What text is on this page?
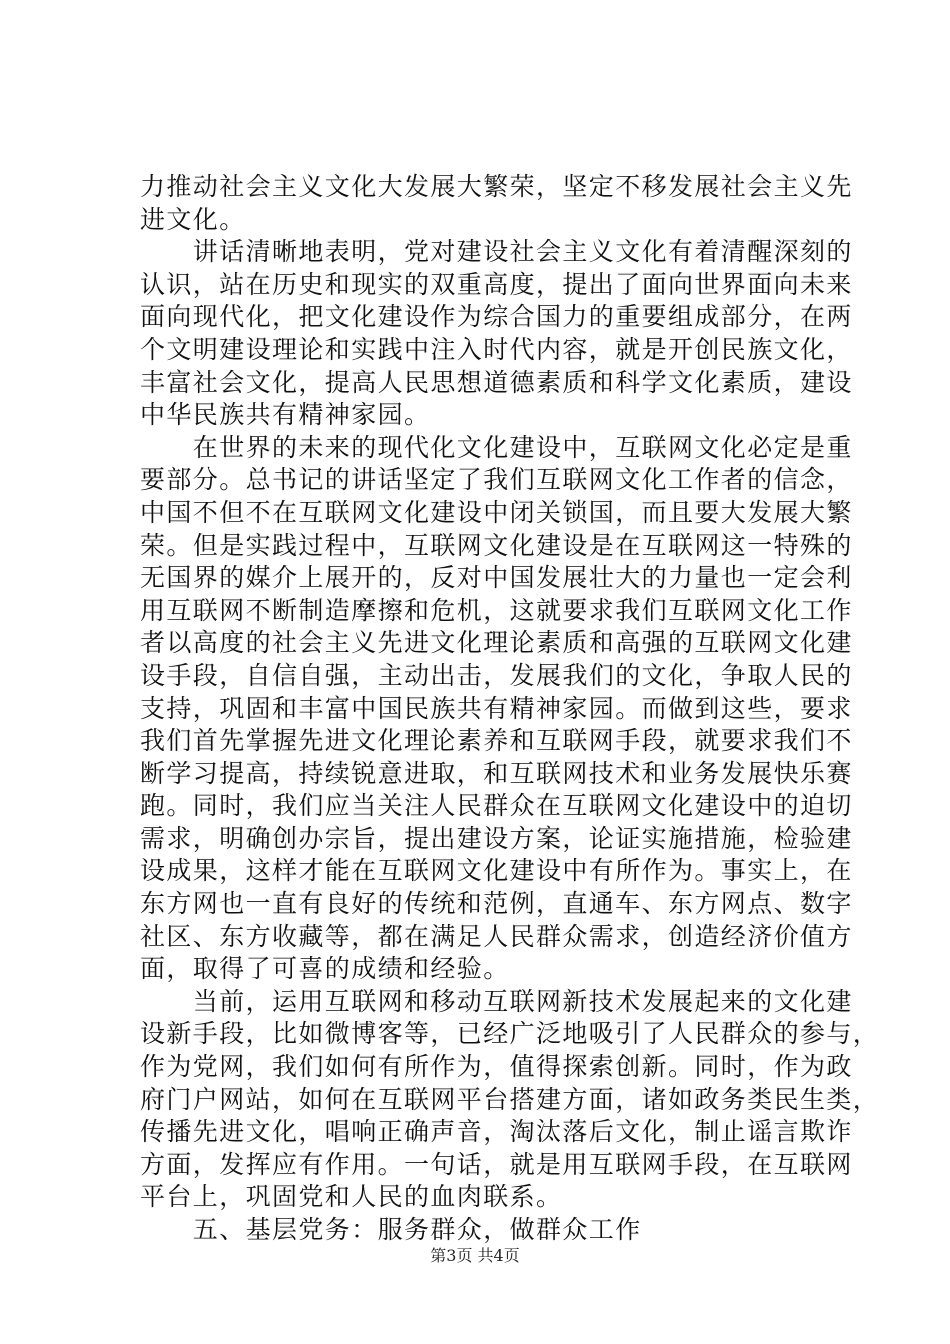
力推动社会主义文化大发展大繁荣，坚定不移发展社会主义先
进文化。
　　讲话清晰地表明，党对建设社会主义文化有着清醒深刻的
认识，站在历史和现实的双重高度，提出了面向世界面向未来
面向现代化，把文化建设作为综合国力的重要组成部分，在两
个文明建设理论和实践中注入时代内容，就是开创民族文化，
丰富社会文化，提高人民思想道德素质和科学文化素质，建设
中华民族共有精神家园。
　　在世界的未来的现代化文化建设中，互联网文化必定是重
要部分。总书记的讲话坚定了我们互联网文化工作者的信念，
中国不但不在互联网文化建设中闭关锁国，而且要大发展大繁
荣。但是实践过程中，互联网文化建设是在互联网这一特殊的
无国界的媒介上展开的，反对中国发展壮大的力量也一定会利
用互联网不断制造摩擦和危机，这就要求我们互联网文化工作
者以高度的社会主义先进文化理论素质和高强的互联网文化建
设手段，自信自强，主动出击，发展我们的文化，争取人民的
支持，巩固和丰富中国民族共有精神家园。而做到这些，要求
我们首先掌握先进文化理论素养和互联网手段，就要求我们不
断学习提高，持续锐意进取，和互联网技术和业务发展快乐赛
跑。同时，我们应当关注人民群众在互联网文化建设中的迫切
需求，明确创办宗旨，提出建设方案，论证实施措施，检验建
设成果，这样才能在互联网文化建设中有所作为。事实上，在
东方网也一直有良好的传统和范例，直通车、东方网点、数字
社区、东方收藏等，都在满足人民群众需求，创造经济价值方
面，取得了可喜的成绩和经验。
　　当前，运用互联网和移动互联网新技术发展起来的文化建
设新手段，比如微博客等，已经广泛地吸引了人民群众的参与，
作为党网，我们如何有所作为，值得探索创新。同时，作为政
府门户网站，如何在互联网平台搭建方面，诸如政务类民生类，
传播先进文化，唱响正确声音，淘汰落后文化，制止谣言欺诈
方面，发挥应有作用。一句话，就是用互联网手段，在互联网
平台上，巩固党和人民的血肉联系。
　　五、基层党务：服务群众，做群众工作
第3页 共4页
